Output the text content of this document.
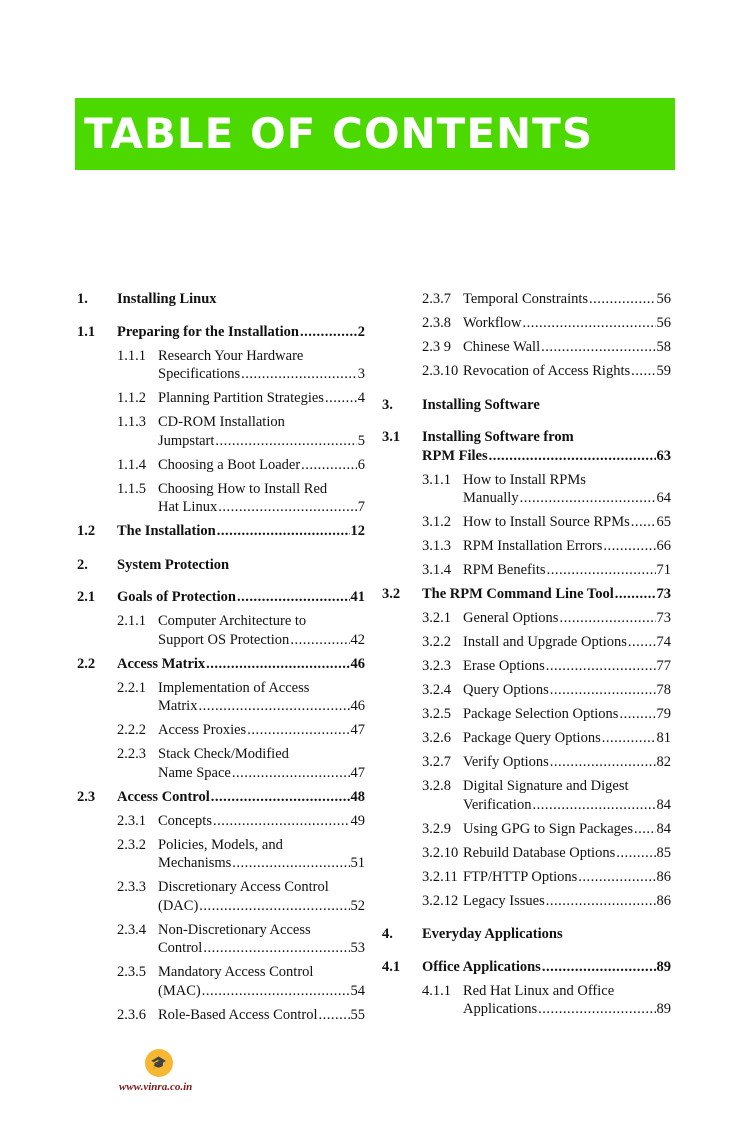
TABLE OF CONTENTS
1. Installing Linux
1.1 Preparing for the Installation .....	2
1.1.1 Research Your Hardware
Specifications .....	3
1.1.2 Planning Partition Strategies ..... 4
1.1.3 CD-ROM Installation
Jumpstart .....	5
1.1.4 Choosing a Boot Loader .....	6
1.1.5 Choosing How to Install Red
Hat Linux .....	7
1.2 The Installation .....	12
2. System Protection
2.1 Goals of Protection .....	41
2.1.1 Computer Architecture to
Support OS Protection .....	42
2.2 Access Matrix .....	46
2.2.1 Implementation of Access
Matrix .....	46
2.2.2 Access Proxies .....	47
2.2.3 Stack Check/Modified
Name Space .....	47
2.3 Access Control .....	48
2.3.1 Concepts .....	49
2.3.2 Policies, Models, and
Mechanisms .....	51
2.3.3 Discretionary Access Control
(DAC) .....	52
2.3.4 Non-Discretionary Access
Control .....	53
2.3.5 Mandatory Access Control
(MAC) .....	54
2.3.6 Role-Based Access Control ..... 55
2.3.7 Temporal Constraints .....	56
2.3.8 Workflow .....	56
2.3 9 Chinese Wall .....	58
2.3.10 Revocation of Access Rights ..... 59
3. Installing Software
3.1 Installing Software from
RPM Files .....	63
3.1.1 How to Install RPMs
Manually .....	64
3.1.2 How to Install Source RPMs ..... 65
3.1.3 RPM Installation Errors .....	66
3.1.4 RPM Benefits .....	71
3.2 The RPM Command Line Tool .....	73
3.2.1 General Options .....	73
3.2.2 Install and Upgrade Options ..... 74
3.2.3 Erase Options .....	77
3.2.4 Query Options .....	78
3.2.5 Package Selection Options .....	79
3.2.6 Package Query Options .....	81
3.2.7 Verify Options .....	82
3.2.8 Digital Signature and Digest
Verification .....	84
3.2.9 Using GPG to Sign Packages ..... 84
3.2.10 Rebuild Database Options .....	85
3.2.11 FTP/HTTP Options .....	86
3.2.12 Legacy Issues .....	86
4. Everyday Applications
4.1 Office Applications .....	89
4.1.1 Red Hat Linux and Office
Applications .....	89
🎓
www.vinra.co.in
